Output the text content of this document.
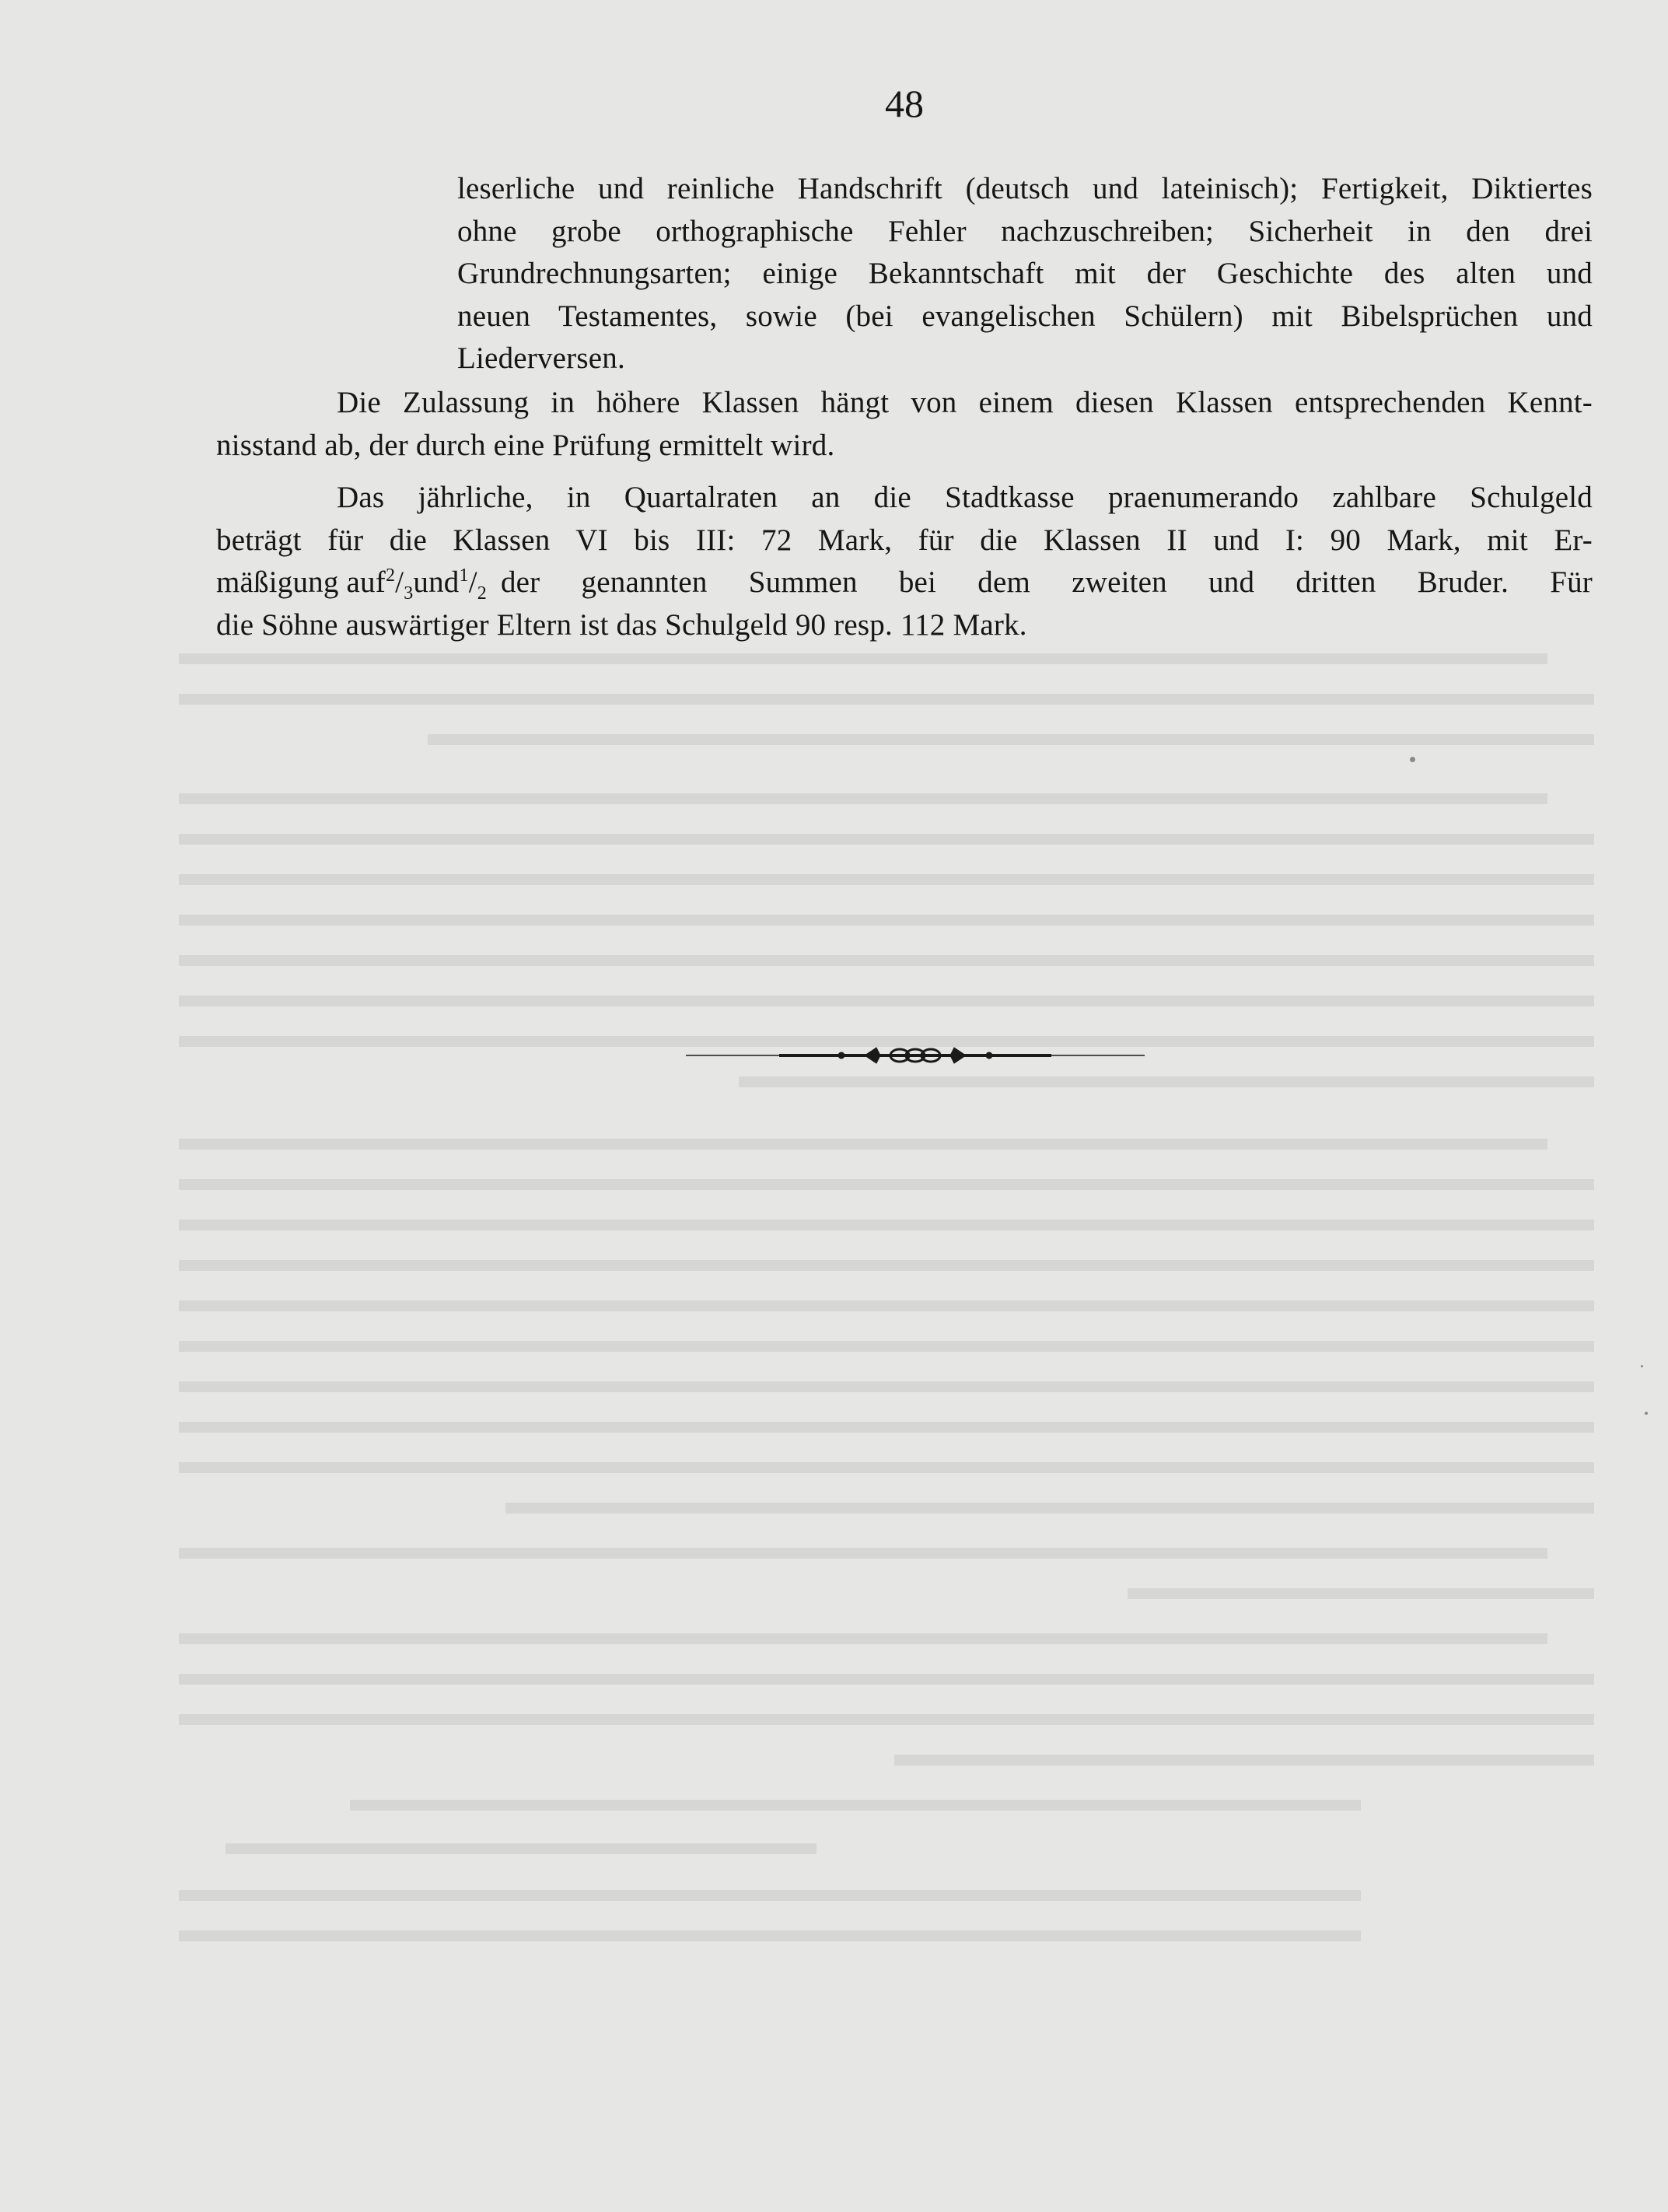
48
leserliche und reinliche Handschrift (deutsch und lateinisch); Fertigkeit, Diktiertes
ohne grobe orthographische Fehler nachzuschreiben; Sicherheit in den drei
Grundrechnungsarten; einige Bekanntschaft mit der Geschichte des alten und
neuen Testamentes, sowie (bei evangelischen Schülern) mit Bibelsprüchen und
Liederversen.
Die Zulassung in höhere Klassen hängt von einem diesen Klassen entsprechenden Kennt-
nisstand ab, der durch eine Prüfung ermittelt wird.
Das jährliche, in Quartalraten an die Stadtkasse praenumerando zahlbare Schulgeld
beträgt für die Klassen VI bis III: 72 Mark, für die Klassen II und I: 90 Mark, mit Er-
mäßigung auf $^2/_3$ und $^1/_2$ der genannten Summen bei dem zweiten und dritten Bruder. Für
die Söhne auswärtiger Eltern ist das Schulgeld 90 resp. 112 Mark.
